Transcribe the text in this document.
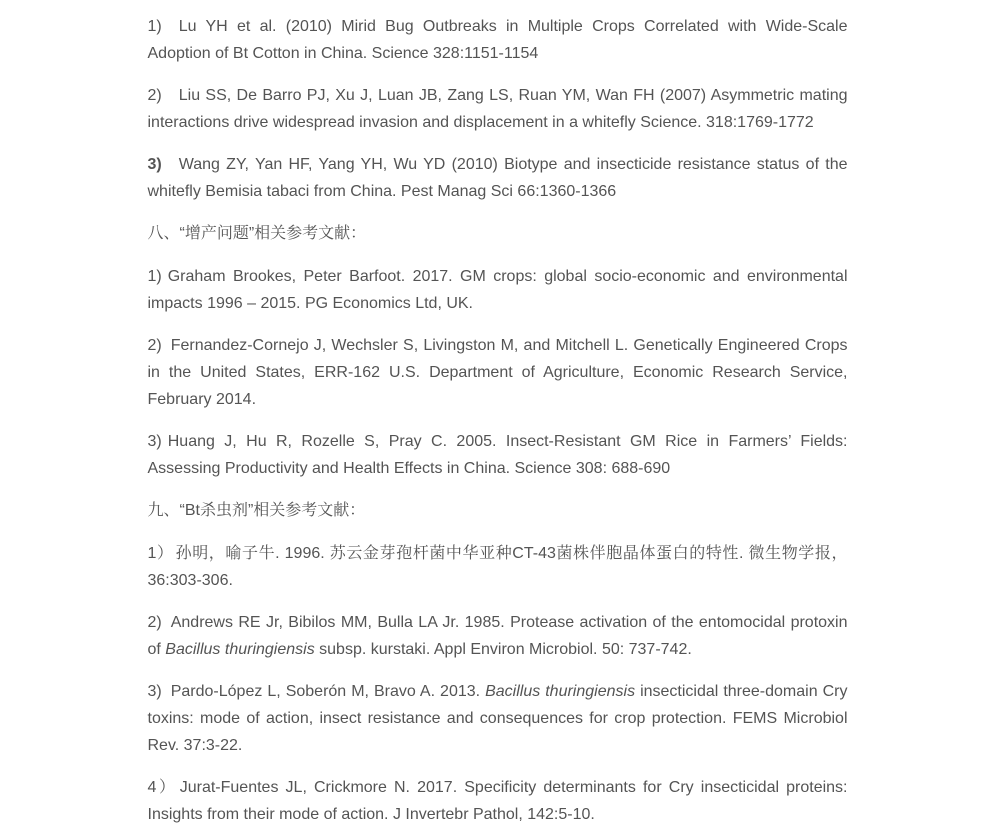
1) Lu YH et al. (2010) Mirid Bug Outbreaks in Multiple Crops Correlated with Wide-Scale Adoption of Bt Cotton in China. Science 328:1151-1154

2) Liu SS, De Barro PJ, Xu J, Luan JB, Zang LS, Ruan YM, Wan FH (2007) Asymmetric mating interactions drive widespread invasion and displacement in a whitefly Science. 318:1769-1772

3) Wang ZY, Yan HF, Yang YH, Wu YD (2010) Biotype and insecticide resistance status of the whitefly Bemisia tabaci from China. Pest Manag Sci 66:1360-1366

八、“增产问题”相关参考文献：

1) Graham Brookes, Peter Barfoot. 2017. GM crops: global socio-economic and environmental impacts 1996 – 2015. PG Economics Ltd, UK.

2) Fernandez-Cornejo J, Wechsler S, Livingston M, and Mitchell L. Genetically Engineered Crops in the United States, ERR-162 U.S. Department of Agriculture, Economic Research Service, February 2014.

3) Huang J, Hu R, Rozelle S, Pray C. 2005. Insect-Resistant GM Rice in Farmers’ Fields: Assessing Productivity and Health Effects in China. Science 308: 688-690

九、“Bt杀虫剂”相关参考文献：

1） 孙明，喻子牛. 1996. 苏云金芽孢杆菌中华亚种CT-43菌株伴胞晶体蛋白的特性. 微生物学报，36:303-306.

2) Andrews RE Jr, Bibilos MM, Bulla LA Jr. 1985. Protease activation of the entomocidal protoxin of Bacillus thuringiensis subsp. kurstaki. Appl Environ Microbiol. 50: 737-742.

3) Pardo-López L, Soberón M, Bravo A. 2013. Bacillus thuringiensis insecticidal three-domain Cry toxins: mode of action, insect resistance and consequences for crop protection. FEMS Microbiol Rev. 37:3-22.

4） Jurat-Fuentes JL, Crickmore N. 2017. Specificity determinants for Cry insecticidal proteins: Insights from their mode of action. J Invertebr Pathol, 142:5-10.
